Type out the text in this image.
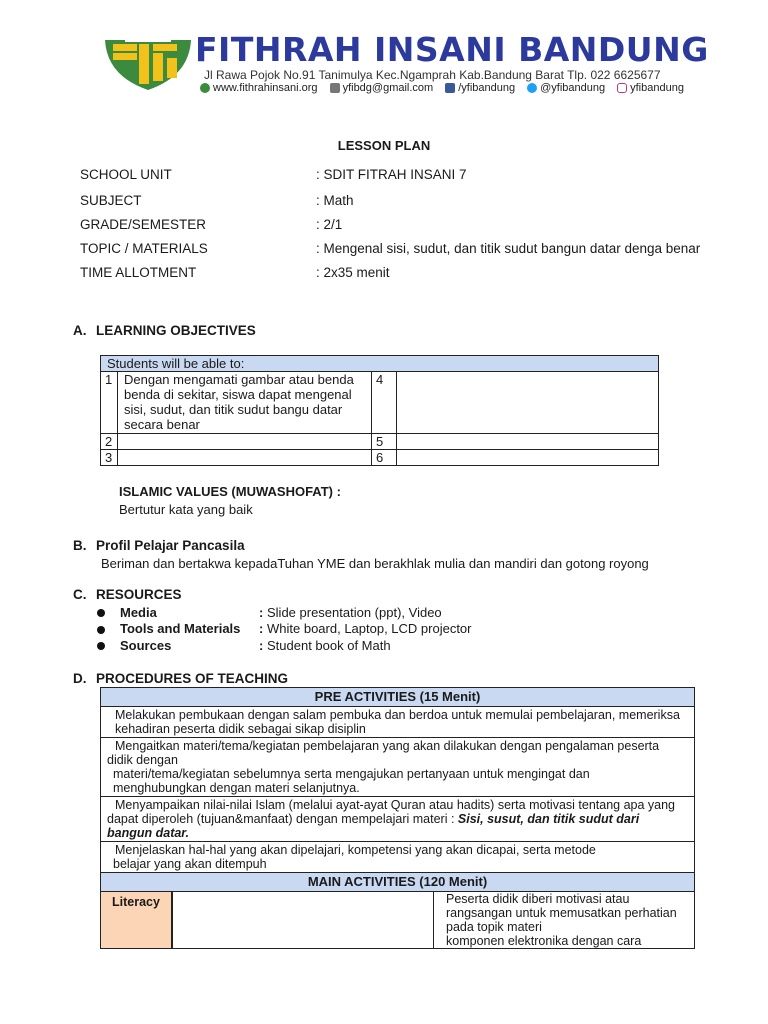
FITHRAH INSANI BANDUNG
Jl Rawa Pojok No.91 Tanimulya Kec.Ngamprah Kab.Bandung Barat Tlp. 022 6625677
www.fithrahinsani.org yfibdg@gmail.com /yfibandung @yfibandung yfibandung
LESSON PLAN
SCHOOL UNIT	: SDIT FITRAH INSANI 7
SUBJECT	: Math
GRADE/SEMESTER	: 2/1
TOPIC / MATERIALS	: Mengenal sisi, sudut, dan titik sudut bangun datar denga benar
TIME ALLOTMENT	: 2x35 menit
A. LEARNING OBJECTIVES
Students will be able to:			
1	Dengan mengamati gambar atau benda
benda di sekitar, siswa dapat mengenal
sisi, sudut, dan titik sudut bangu datar
secara benar	4	
2		5	
3		6	
ISLAMIC VALUES (MUWASHOFAT) :
Bertutur kata yang baik
B. Profil Pelajar Pancasila
Beriman dan bertakwa kepadaTuhan YME dan berakhlak mulia dan mandiri dan gotong royong
C. RESOURCES
Media	: Slide presentation (ppt), Video
Tools and Materials : White board, Laptop, LCD projector
Sources	: Student book of Math
D. PROCEDURES OF TEACHING
PRE ACTIVITIES (15 Menit)

Melakukan pembukaan dengan salam pembuka dan berdoa untuk memulai pembelajaran, memeriksa
kehadiran peserta didik sebagai sikap disiplin

Mengaitkan materi/tema/kegiatan pembelajaran yang akan dilakukan dengan pengalaman peserta
didik dengan
materi/tema/kegiatan sebelumnya serta mengajukan pertanyaan untuk mengingat dan
menghubungkan dengan materi selanjutnya.

Menyampaikan nilai-nilai Islam (melalui ayat-ayat Quran atau hadits) serta motivasi tentang apa yang
dapat diperoleh (tujuan&manfaat) dengan mempelajari materi : Sisi, susut, dan titik sudut dari
bangun datar.

Menjelaskan hal-hal yang akan dipelajari, kompetensi yang akan dicapai, serta metode
belajar yang akan ditempuh

MAIN ACTIVITIES (120 Menit)
Literacy		Peserta didik diberi motivasi atau
rangsangan untuk memusatkan perhatian
pada topik materi
komponen elektronika dengan cara
